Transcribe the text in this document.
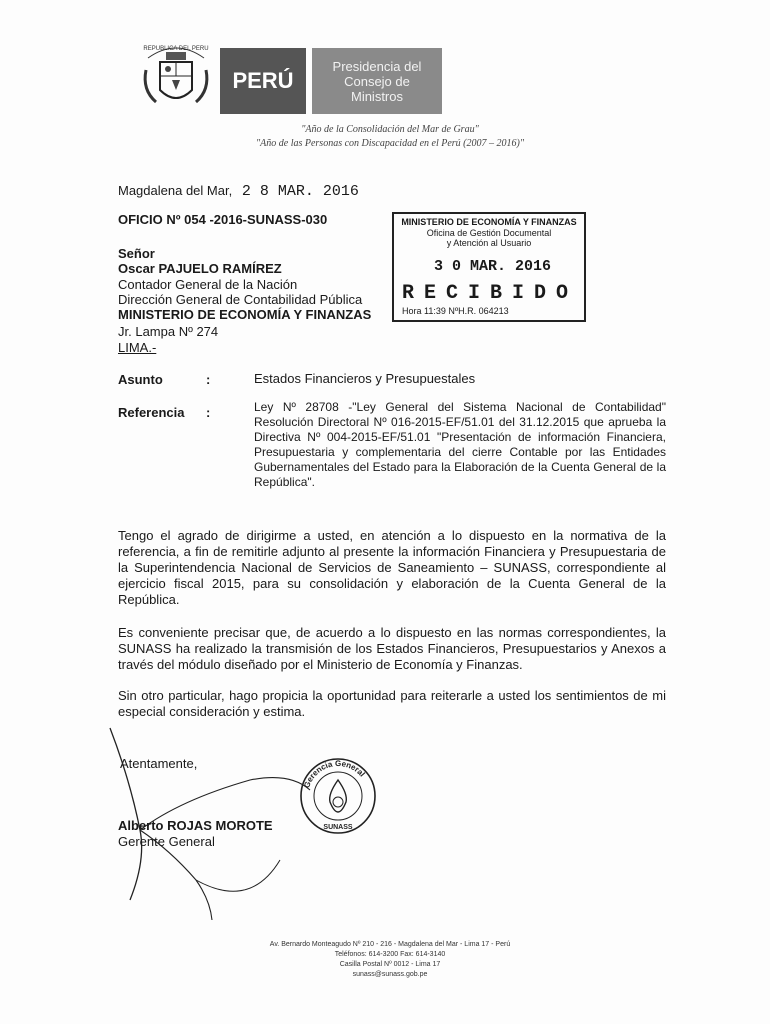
REPUBLICA DEL PERU
PERÚ
Presidencia del
Consejo de
Ministros
"Año de la Consolidación del Mar de Grau"
"Año de las Personas con Discapacidad en el Perú (2007 – 2016)"
Magdalena del Mar, 2 8 MAR. 2016
OFICIO Nº 054 -2016-SUNASS-030
Señor
Oscar PAJUELO RAMÍREZ
Contador General de la Nación
Dirección General de Contabilidad Pública
MINISTERIO DE ECONOMÍA Y FINANZAS
Jr. Lampa Nº 274
LIMA.-
MINISTERIO DE ECONOMÍA Y FINANZAS
Oficina de Gestión Documental
y Atención al Usuario
3 0 MAR. 2016
RECIBIDO
Hora 11:39 NºH.R. 064213
Asunto	:	Estados Financieros y Presupuestales
Referencia :	Ley Nº 28708 -"Ley General del Sistema Nacional de Contabilidad" Resolución Directoral Nº 016-2015-EF/51.01 del 31.12.2015 que aprueba la Directiva Nº 004-2015-EF/51.01 "Presentación de información Financiera, Presupuestaria y complementaria del cierre Contable por las Entidades Gubernamentales del Estado para la Elaboración de la Cuenta General de la República".
Tengo el agrado de dirigirme a usted, en atención a lo dispuesto en la normativa de la referencia, a fin de remitirle adjunto al presente la información Financiera y Presupuestaria de la Superintendencia Nacional de Servicios de Saneamiento – SUNASS, correspondiente al ejercicio fiscal 2015, para su consolidación y elaboración de la Cuenta General de la República.
Es conveniente precisar que, de acuerdo a lo dispuesto en las normas correspondientes, la SUNASS ha realizado la transmisión de los Estados Financieros, Presupuestarios y Anexos a través del módulo diseñado por el Ministerio de Economía y Finanzas.
Sin otro particular, hago propicia la oportunidad para reiterarle a usted los sentimientos de mi especial consideración y estima.
Atentamente,
Gerencia General
SUNASS
Alberto ROJAS MOROTE
Gerente General
Av. Bernardo Monteagudo Nº 210 - 216 - Magdalena del Mar - Lima 17 - Perú
Teléfonos: 614-3200 Fax: 614-3140
Casilla Postal Nº 0012 - Lima 17
sunass@sunass.gob.pe
